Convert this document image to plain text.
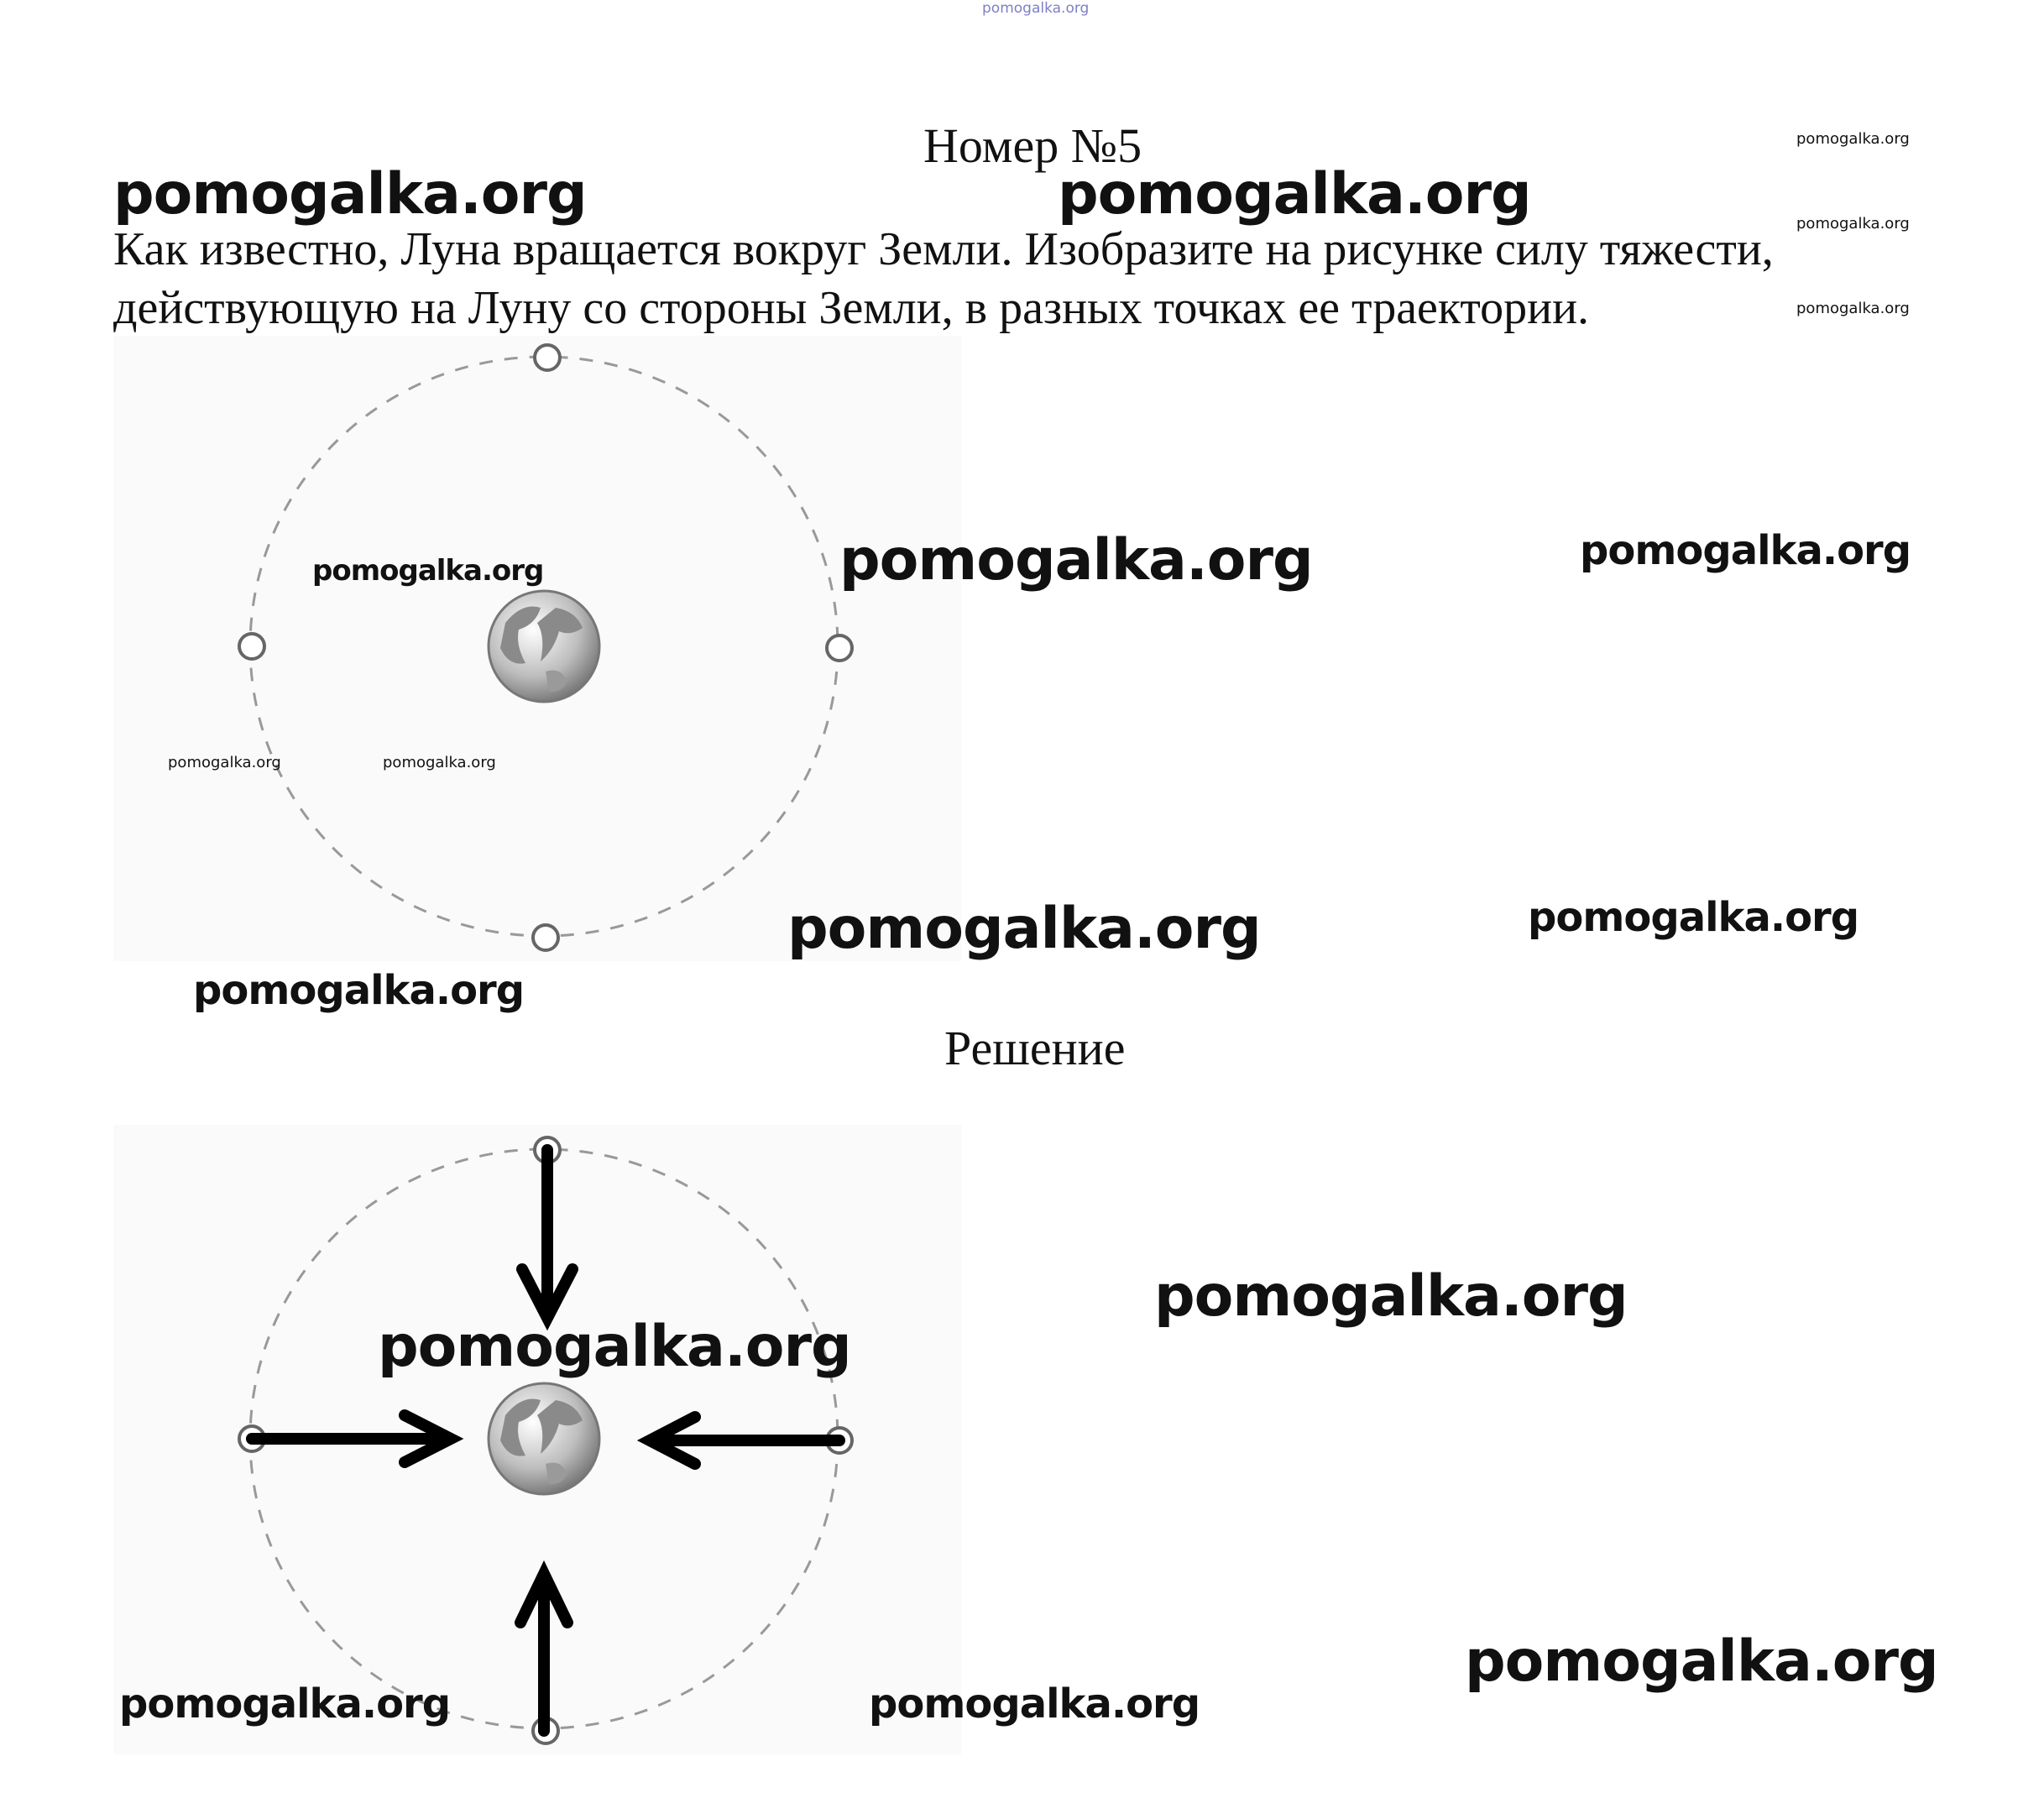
pomogalka.org
Номер №5
Как известно, Луна вращается вокруг Земли. Изобразите на рисунке силу тяжести,
действующую на Луну со стороны Земли, в разных точках ее траектории.
Решение
pomogalka.org	pomogalka.org
pomogalka.org
pomogalka.org
pomogalka.org
pomogalka.org	pomogalka.org	pomogalka.org
pomogalka.org	pomogalka.org
pomogalka.org	pomogalka.org
pomogalka.org
pomogalka.org
pomogalka.org
pomogalka.org
pomogalka.org	pomogalka.org
